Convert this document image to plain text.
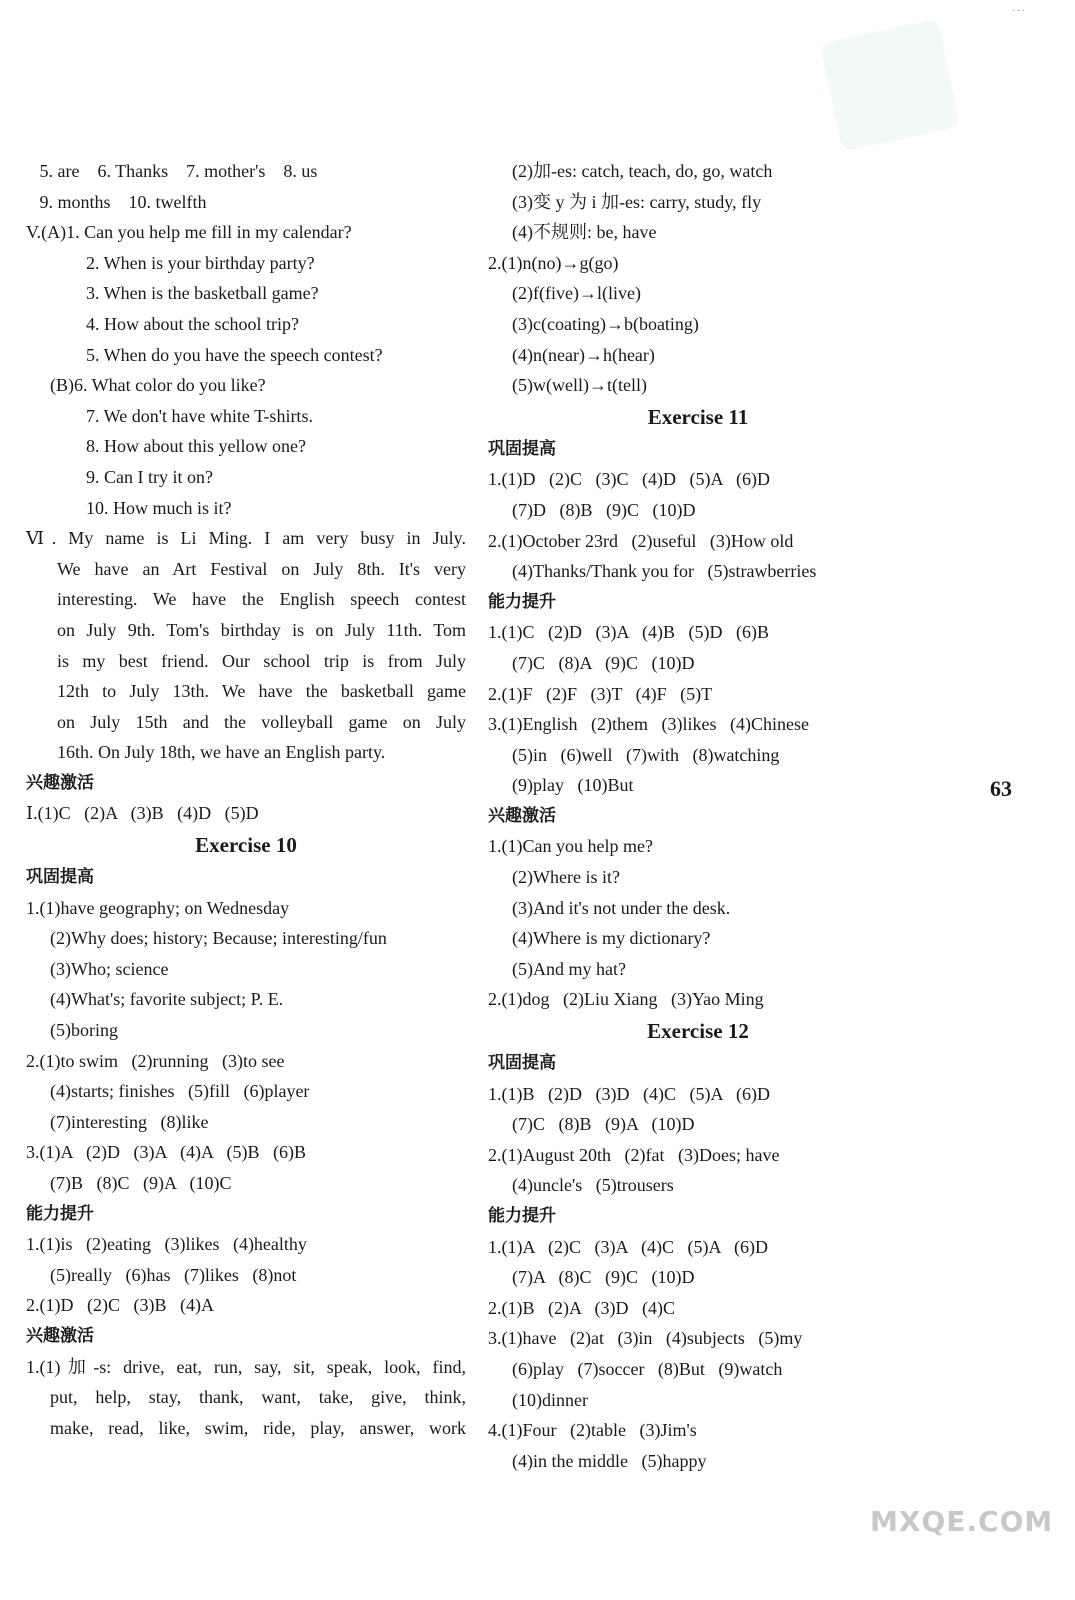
...
5. are    6. Thanks    7. mother's    8. us
9. months    10. twelfth
V.(A)1. Can you help me fill in my calendar?
2. When is your birthday party?
3. When is the basketball game?
4. How about the school trip?
5. When do you have the speech contest?
(B)6. What color do you like?
7. We don't have white T-shirts.
8. How about this yellow one?
9. Can I try it on?
10. How much is it?
Ⅵ. My name is Li Ming. I am very busy in July.
We have an Art Festival on July 8th. It's very
interesting. We have the English speech contest
on July 9th. Tom's birthday is on July 11th. Tom
is my best friend. Our school trip is from July
12th to July 13th. We have the basketball game
on July 15th and the volleyball game on July
16th. On July 18th, we have an English party.
兴趣激活
Ⅰ.(1)C   (2)A   (3)B   (4)D   (5)D
Exercise 10
巩固提高
1.(1)have geography; on Wednesday
(2)Why does; history; Because; interesting/fun
(3)Who; science
(4)What's; favorite subject; P. E.
(5)boring
2.(1)to swim   (2)running   (3)to see
(4)starts; finishes   (5)fill   (6)player
(7)interesting   (8)like
3.(1)A   (2)D   (3)A   (4)A   (5)B   (6)B
(7)B   (8)C   (9)A   (10)C
能力提升
1.(1)is   (2)eating   (3)likes   (4)healthy
(5)really   (6)has   (7)likes   (8)not
2.(1)D   (2)C   (3)B   (4)A
兴趣激活
1.(1)加-s: drive, eat, run, say, sit, speak, look, find,
put, help, stay, thank, want, take, give, think,
make, read, like, swim, ride, play, answer, work
(2)加-es: catch, teach, do, go, watch
(3)变 y 为 i 加-es: carry, study, fly
(4)不规则: be, have
2.(1)n(no)→g(go)
(2)f(five)→l(live)
(3)c(coating)→b(boating)
(4)n(near)→h(hear)
(5)w(well)→t(tell)
Exercise 11
巩固提高
1.(1)D   (2)C   (3)C   (4)D   (5)A   (6)D
(7)D   (8)B   (9)C   (10)D
2.(1)October 23rd   (2)useful   (3)How old
(4)Thanks/Thank you for   (5)strawberries
能力提升
1.(1)C   (2)D   (3)A   (4)B   (5)D   (6)B
(7)C   (8)A   (9)C   (10)D
2.(1)F   (2)F   (3)T   (4)F   (5)T
3.(1)English   (2)them   (3)likes   (4)Chinese
(5)in   (6)well   (7)with   (8)watching
(9)play   (10)But
兴趣激活
1.(1)Can you help me?
(2)Where is it?
(3)And it's not under the desk.
(4)Where is my dictionary?
(5)And my hat?
2.(1)dog   (2)Liu Xiang   (3)Yao Ming
Exercise 12
巩固提高
1.(1)B   (2)D   (3)D   (4)C   (5)A   (6)D
(7)C   (8)B   (9)A   (10)D
2.(1)August 20th   (2)fat   (3)Does; have
(4)uncle's   (5)trousers
能力提升
1.(1)A   (2)C   (3)A   (4)C   (5)A   (6)D
(7)A   (8)C   (9)C   (10)D
2.(1)B   (2)A   (3)D   (4)C
3.(1)have   (2)at   (3)in   (4)subjects   (5)my
(6)play   (7)soccer   (8)But   (9)watch
(10)dinner
4.(1)Four   (2)table   (3)Jim's
(4)in the middle   (5)happy
63
MXQE.COM
